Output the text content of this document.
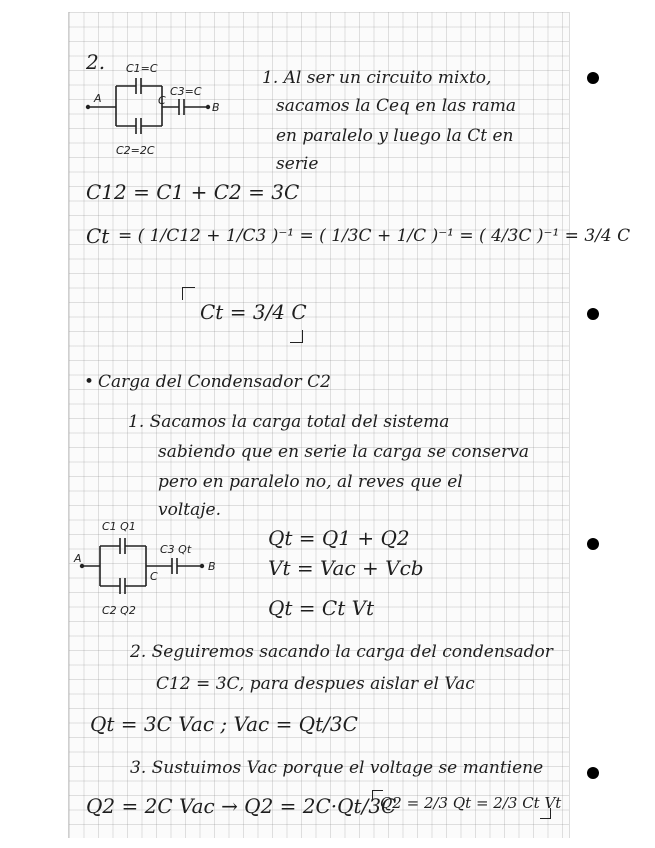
2.
A
B
C
C1=C
C3=C
C2=2C
1. Al ser un circuito mixto,
sacamos la Ceq en las rama
en paralelo y luego la Ct en
serie
C12 = C1 + C2 = 3C
Ct = ( 1/C12 + 1/C3 )⁻¹ = ( 1/3C + 1/C )⁻¹ = ( 4/3C )⁻¹ = 3/4 C
Ct = 3/4 C
• Carga del Condensador C2
1. Sacamos la carga total del sistema
sabiendo que en serie la carga se conserva
pero en paralelo no, al reves que el
voltaje.
A
B
C
C1 Q1
C3 Qt
C2 Q2
Qt = Q1 + Q2
Vt = Vac + Vcb
Qt = Ct Vt
2. Seguiremos sacando la carga del condensador
C12 = 3C, para despues aislar el Vac
Qt = 3C Vac ; Vac = Qt/3C
3. Sustuimos Vac porque el voltage se mantiene
Q2 = 2C Vac → Q2 = 2C·Qt/3C
Q2 = 2/3 Qt = 2/3 Ct Vt
